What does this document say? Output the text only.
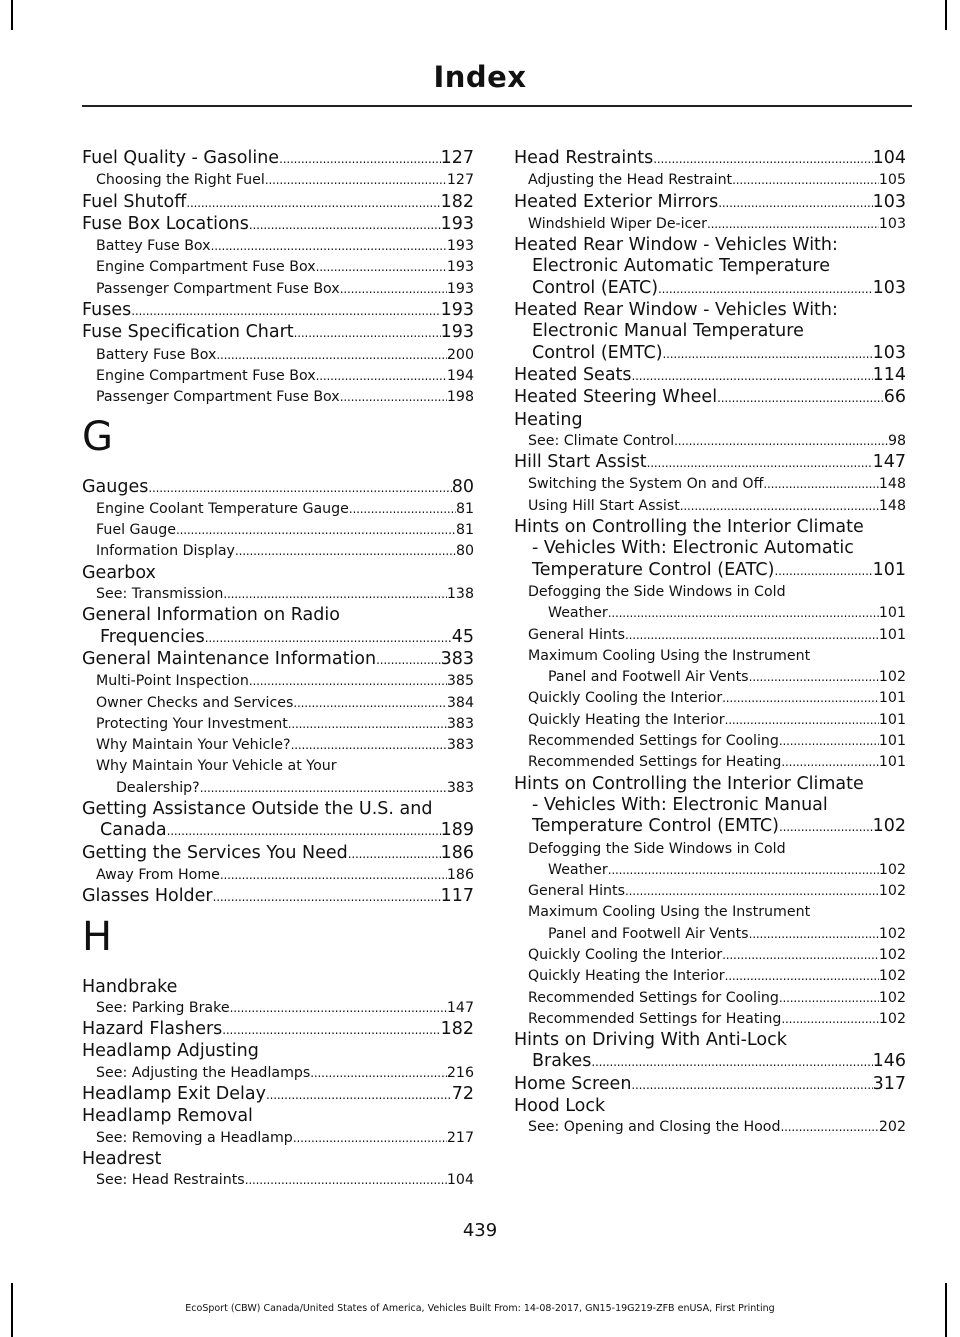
Index
Fuel Quality - Gasoline . . .	127
Choosing the Right Fuel . . .	127
Fuel Shutoff . . .	182
Fuse Box Locations . . .	193
Battey Fuse Box . . .	193
Engine Compartment Fuse Box . . .	193
Passenger Compartment Fuse Box . . .	193
Fuses . . .	193
Fuse Specification Chart . . .	193
Battery Fuse Box . . .	200
Engine Compartment Fuse Box . . .	194
Passenger Compartment Fuse Box . . .	198
G
Gauges . . .	80
Engine Coolant Temperature Gauge . . .	81
Fuel Gauge . . .	81
Information Display . . .	80
Gearbox
See: Transmission . . .	138
General Information on Radio
Frequencies . . .	45
General Maintenance Information . . .	383
Multi-Point Inspection . . .	385
Owner Checks and Services . . .	384
Protecting Your Investment . . .	383
Why Maintain Your Vehicle? . . .	383
Why Maintain Your Vehicle at Your
Dealership? . . .	383
Getting Assistance Outside the U.S. and
Canada . . .	189
Getting the Services You Need . . .	186
Away From Home . . .	186
Glasses Holder . . .	117
H
Handbrake
See: Parking Brake . . .	147
Hazard Flashers . . .	182
Headlamp Adjusting
See: Adjusting the Headlamps . . .	216
Headlamp Exit Delay . . .	72
Headlamp Removal
See: Removing a Headlamp . . .	217
Headrest
See: Head Restraints . . .	104
Head Restraints . . .	104
Adjusting the Head Restraint . . .	105
Heated Exterior Mirrors . . .	103
Windshield Wiper De-icer . . .	103
Heated Rear Window - Vehicles With:
Electronic Automatic Temperature
Control (EATC) . . .	103
Heated Rear Window - Vehicles With:
Electronic Manual Temperature
Control (EMTC) . . .	103
Heated Seats . . .	114
Heated Steering Wheel . . .	66
Heating
See: Climate Control . . .	98
Hill Start Assist . . .	147
Switching the System On and Off . . .	148
Using Hill Start Assist . . .	148
Hints on Controlling the Interior Climate
- Vehicles With: Electronic Automatic
Temperature Control (EATC) . . .	101
Defogging the Side Windows in Cold
Weather . . .	101
General Hints . . .	101
Maximum Cooling Using the Instrument
Panel and Footwell Air Vents . . .	102
Quickly Cooling the Interior . . .	101
Quickly Heating the Interior . . .	101
Recommended Settings for Cooling . . .	101
Recommended Settings for Heating . . .	101
Hints on Controlling the Interior Climate
- Vehicles With: Electronic Manual
Temperature Control (EMTC) . . .	102
Defogging the Side Windows in Cold
Weather . . .	102
General Hints . . .	102
Maximum Cooling Using the Instrument
Panel and Footwell Air Vents . . .	102
Quickly Cooling the Interior . . .	102
Quickly Heating the Interior . . .	102
Recommended Settings for Cooling . . .	102
Recommended Settings for Heating . . .	102
Hints on Driving With Anti-Lock
Brakes . . .	146
Home Screen . . .	317
Hood Lock
See: Opening and Closing the Hood . . .	202
439
EcoSport (CBW) Canada/United States of America, Vehicles Built From: 14-08-2017, GN15-19G219-ZFB enUSA, First Printing
